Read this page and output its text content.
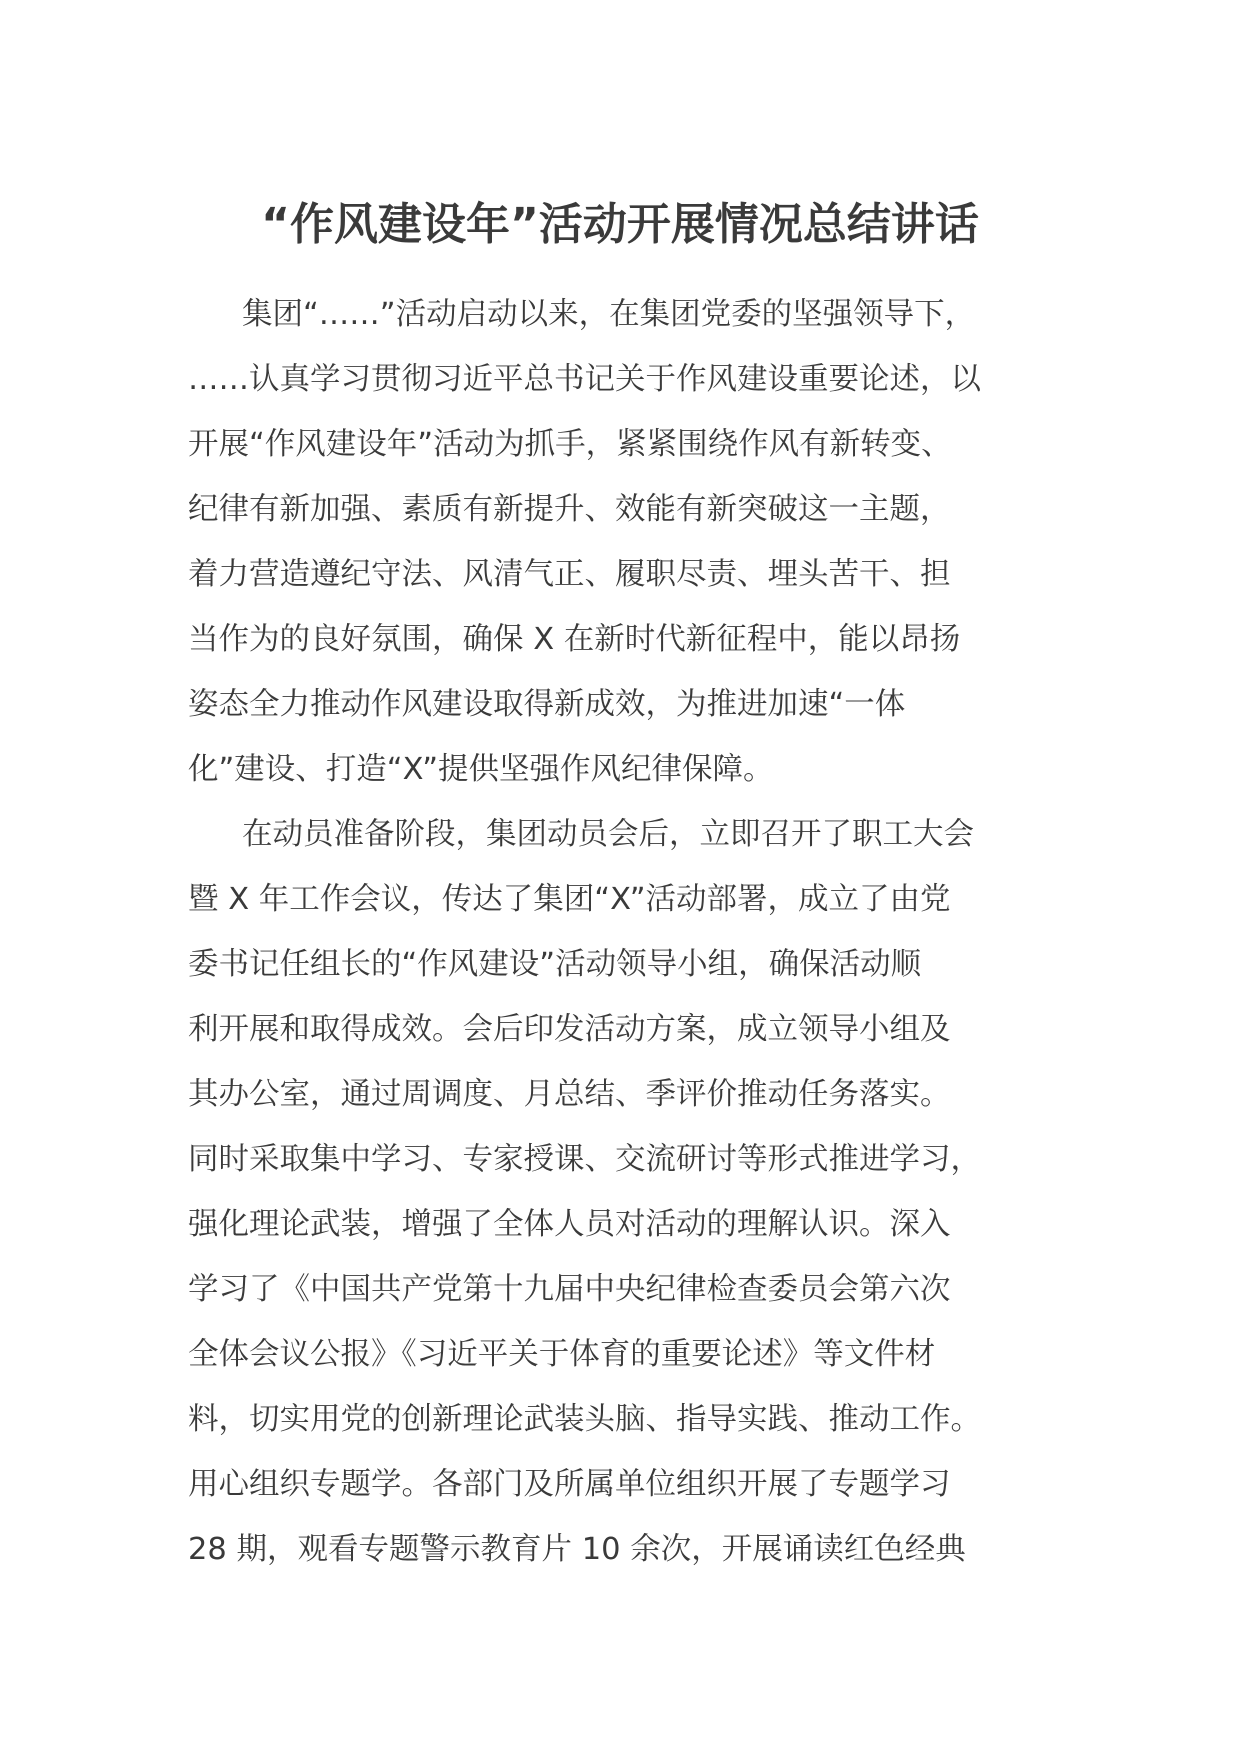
“作风建设年”活动开展情况总结讲话
集团“……”活动启动以来，在集团党委的坚强领导下，
……认真学习贯彻习近平总书记关于作风建设重要论述，以
开展“作风建设年”活动为抓手，紧紧围绕作风有新转变、
纪律有新加强、素质有新提升、效能有新突破这一主题，
着力营造遵纪守法、风清气正、履职尽责、埋头苦干、担
当作为的良好氛围，确保 X 在新时代新征程中，能以昂扬
姿态全力推动作风建设取得新成效，为推进加速“一体
化”建设、打造“X”提供坚强作风纪律保障。
在动员准备阶段，集团动员会后，立即召开了职工大会
暨 X 年工作会议，传达了集团“X”活动部署，成立了由党
委书记任组长的“作风建设”活动领导小组，确保活动顺
利开展和取得成效。会后印发活动方案，成立领导小组及
其办公室，通过周调度、月总结、季评价推动任务落实。
同时采取集中学习、专家授课、交流研讨等形式推进学习，
强化理论武装，增强了全体人员对活动的理解认识。深入
学习了《中国共产党第十九届中央纪律检查委员会第六次
全体会议公报》《习近平关于体育的重要论述》等文件材
料，切实用党的创新理论武装头脑、指导实践、推动工作。
用心组织专题学。各部门及所属单位组织开展了专题学习
28 期，观看专题警示教育片 10 余次，开展诵读红色经典
